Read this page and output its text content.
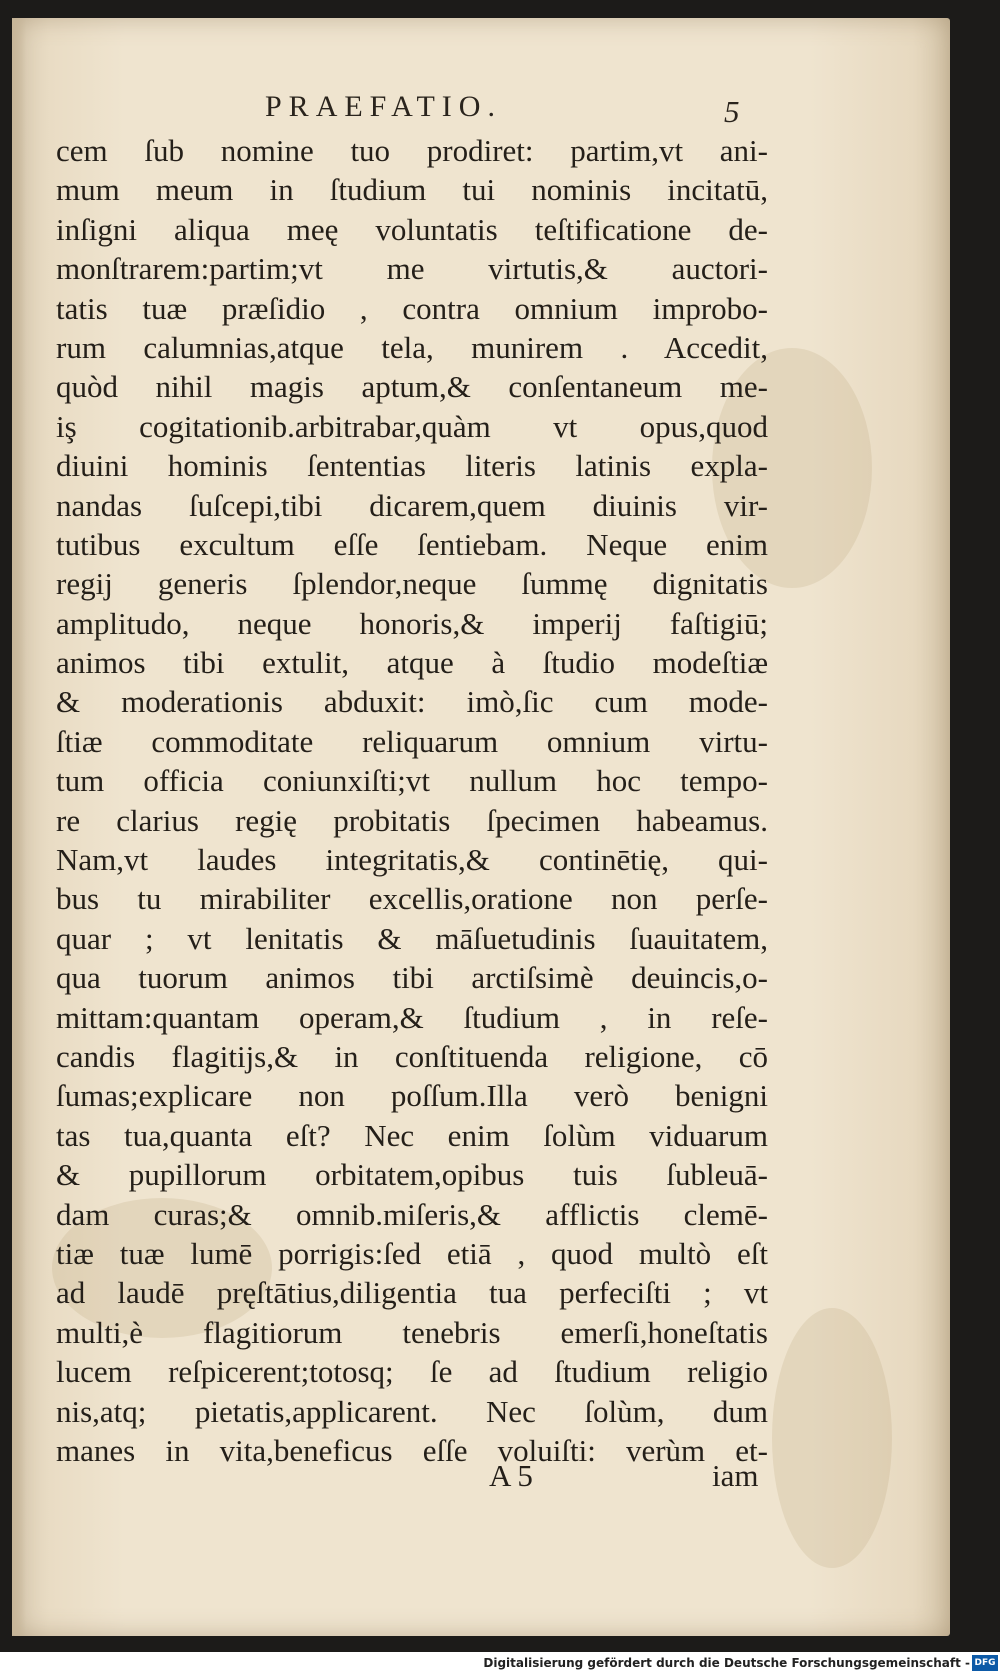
PRAEFATIO.	5
cem ſub nomine tuo prodiret: partim,vt ani-
mum meum in ſtudium tui nominis incitatū,
inſigni aliqua meę voluntatis teſtificatione de-
monſtrarem:partim;vt me virtutis,& auctori-
tatis tuæ præſidio , contra omnium improbo-
rum calumnias,atque tela, munirem . Accedit,
quòd nihil magis aptum,& conſentaneum me-
iş cogitationib.arbitrabar,quàm vt opus,quod
diuini hominis ſententias literis latinis expla-
nandas ſuſcepi,tibi dicarem,quem diuinis vir-
tutibus excultum eſſe ſentiebam. Neque enim
regij generis ſplendor,neque ſummę dignitatis
amplitudo, neque honoris,& imperij faſtigiū;
animos tibi extulit, atque à ſtudio modeſtiæ
& moderationis abduxit: imò,ſic cum mode-
ſtiæ commoditate reliquarum omnium virtu-
tum officia coniunxiſti;vt nullum hoc tempo-
re clarius regię probitatis ſpecimen habeamus.
Nam,vt laudes integritatis,& continētię, qui-
bus tu mirabiliter excellis,oratione non perſe-
quar ; vt lenitatis & māſuetudinis ſuauitatem,
qua tuorum animos tibi arctiſsimè deuincis,o-
mittam:quantam operam,& ſtudium , in reſe-
candis flagitijs,& in conſtituenda religione, cō
ſumas;explicare non poſſum.Illa verò benigni
tas tua,quanta eſt? Nec enim ſolùm viduarum
& pupillorum orbitatem,opibus tuis ſubleuā-
dam curas;& omnib.miſeris,& afflictis clemē-
tiæ tuæ lumē porrigis:ſed etiā , quod multò eſt
ad laudē pręſtātius,diligentia tua perfeciſti ; vt
multi,è flagitiorum tenebris emerſi,honeſtatis
lucem reſpicerent;totosq; ſe ad ſtudium religio
nis,atq; pietatis,applicarent. Nec ſolùm, dum
manes in vita,beneficus eſſe voluiſti: verùm et-
A 5	iam
Digitalisierung gefördert durch die Deutsche Forschungsgemeinschaft - DFG
